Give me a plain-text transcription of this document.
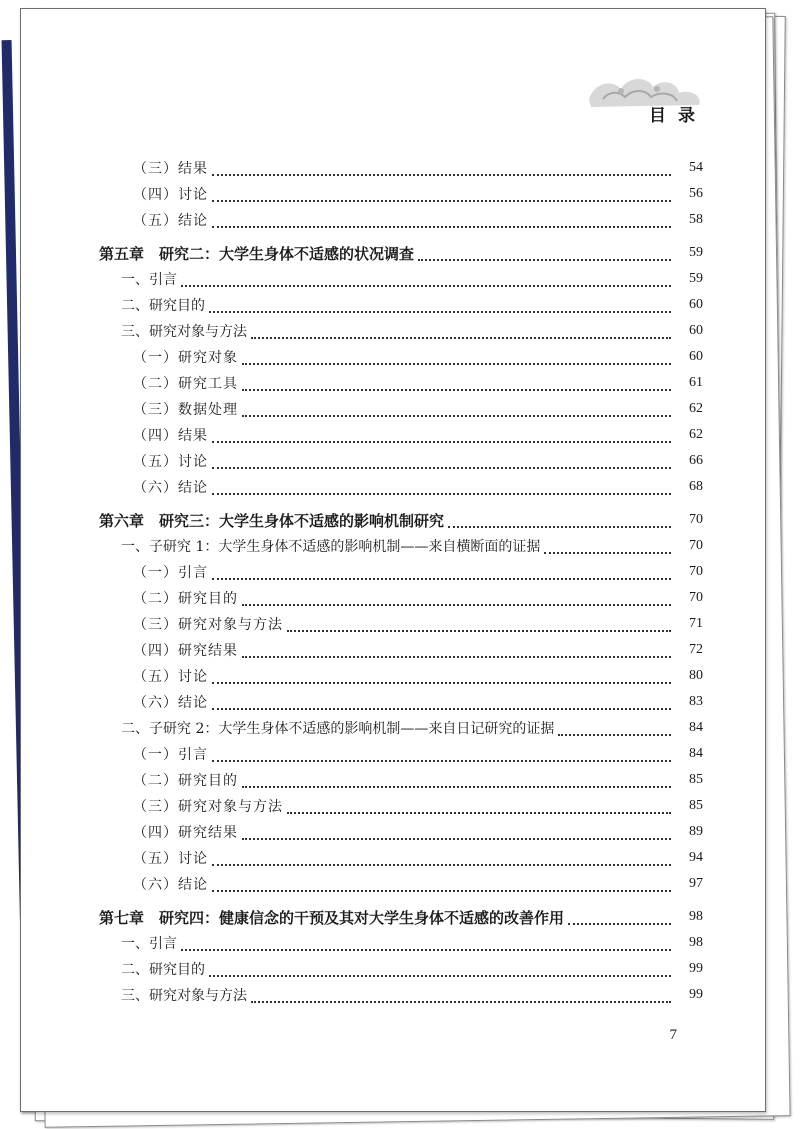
目录
（三）结果	54
（四）讨论	56
（五）结论	58
第五章　研究二：大学生身体不适感的状况调查	59
一、引言	59
二、研究目的	60
三、研究对象与方法	60
（一）研究对象	60
（二）研究工具	61
（三）数据处理	62
（四）结果	62
（五）讨论	66
（六）结论	68
第六章　研究三：大学生身体不适感的影响机制研究	70
一、子研究 1：大学生身体不适感的影响机制——来自横断面的证据	70
（一）引言	70
（二）研究目的	70
（三）研究对象与方法	71
（四）研究结果	72
（五）讨论	80
（六）结论	83
二、子研究 2：大学生身体不适感的影响机制——来自日记研究的证据	84
（一）引言	84
（二）研究目的	85
（三）研究对象与方法	85
（四）研究结果	89
（五）讨论	94
（六）结论	97
第七章　研究四：健康信念的干预及其对大学生身体不适感的改善作用	98
一、引言	98
二、研究目的	99
三、研究对象与方法	99
7
